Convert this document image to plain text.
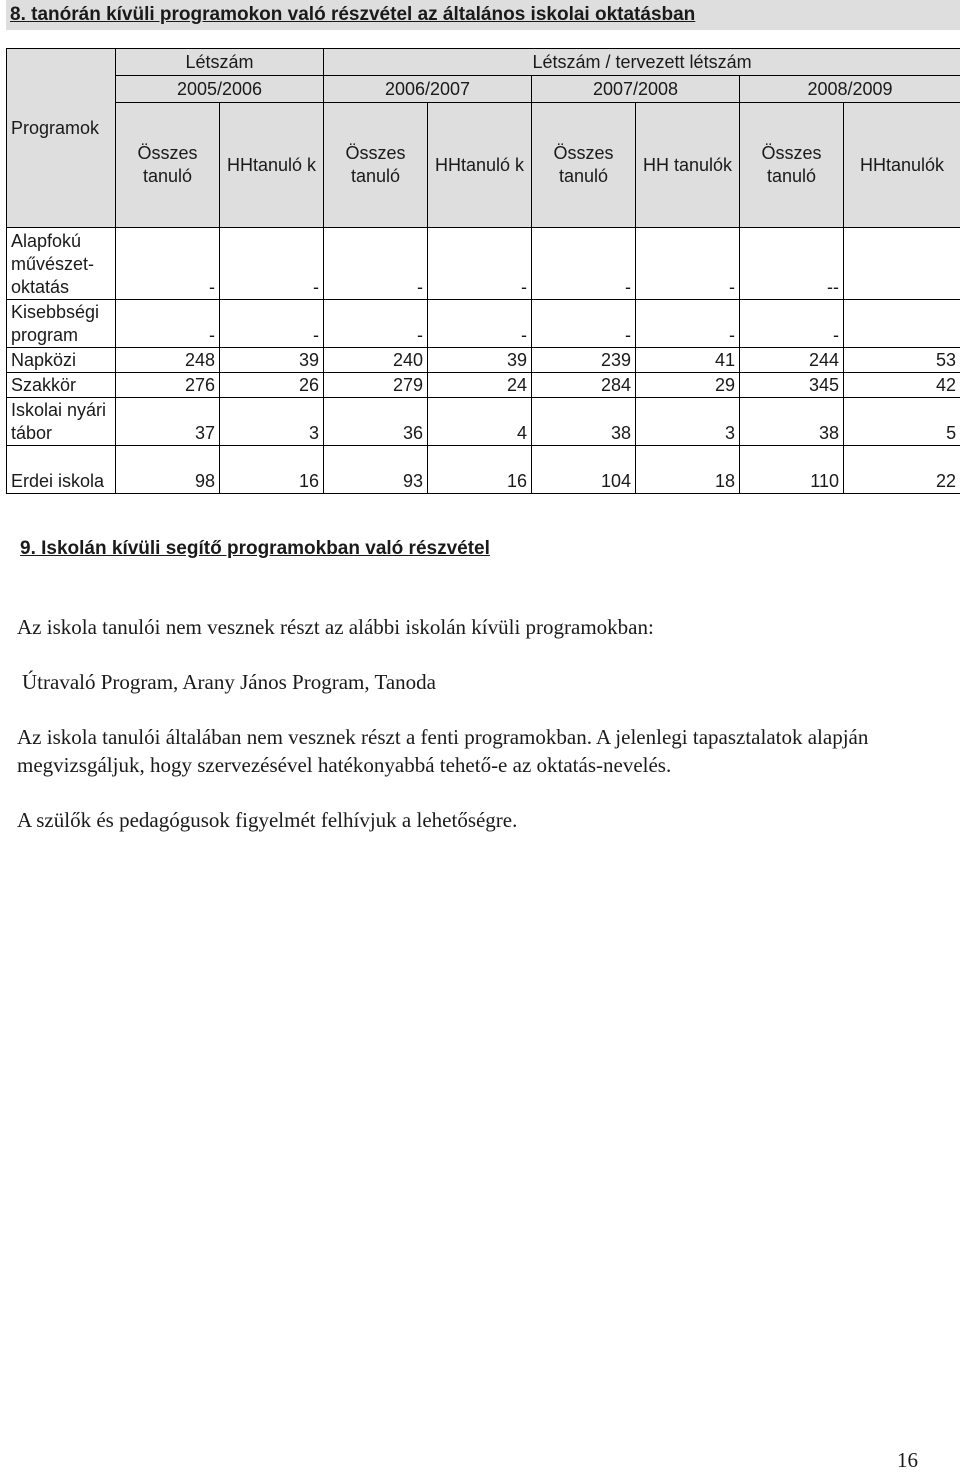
8. tanórán kívüli programokon való részvétel az általános iskolai oktatásban
	Létszám		Létszám / tervezett létszám					
	2005/2006		2006/2007		2007/2008		2008/2009	
Programok	Összes tanuló	HHtanuló k	Összes tanuló	HHtanuló k	Összes tanuló	HH tanulók	Összes tanuló	HHtanulók
Alapfokú művészet- oktatás	-	-	-	-	-	-	--	
Kisebbségi program	-	-	-	-	-	-	-	
Napközi	248	39	240	39	239	41	244	53
Szakkör	276	26	279	24	284	29	345	42
Iskolai nyári tábor	37	3	36	4	38	3	38	5
Erdei iskola	98	16	93	16	104	18	110	22
9. Iskolán kívüli segítő programokban való részvétel
Az iskola tanulói nem vesznek részt az alábbi iskolán kívüli programokban:
Útravaló Program, Arany János Program, Tanoda
Az iskola tanulói általában nem vesznek részt a fenti programokban. A jelenlegi tapasztalatok alapján megvizsgáljuk, hogy szervezésével hatékonyabbá tehető-e az oktatás-nevelés.
A szülők és pedagógusok figyelmét felhívjuk a lehetőségre.
16
